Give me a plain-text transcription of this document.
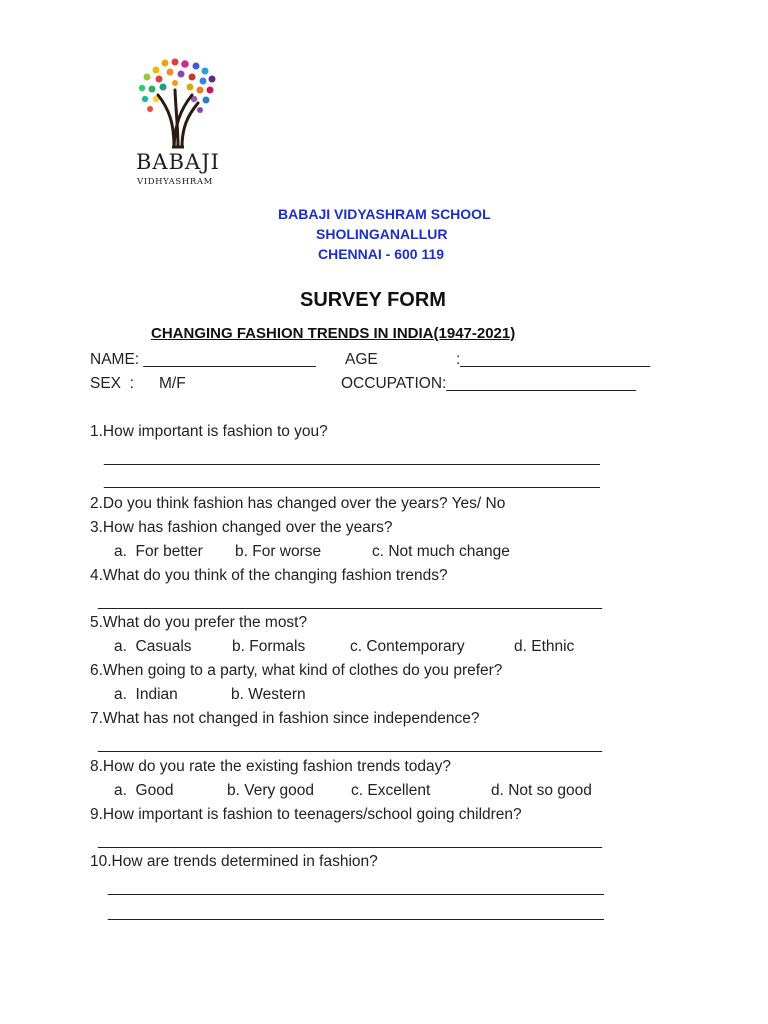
BABAJI
VIDHYASHRAM
BABAJI VIDYASHRAM SCHOOL
SHOLINGANALLUR
CHENNAI - 600 119
SURVEY FORM
CHANGING FASHION TRENDS IN INDIA(1947-2021)
NAME: ____________________ AGE	:______________________
SEX  : M/F	OCCUPATION:______________________
1.How important is fashion to you?
_____________________________________________________________
_____________________________________________________________
2.Do you think fashion has changed over the years? Yes/ No
3.How has fashion changed over the years?
a.  For better b. For worse	c. Not much change
4.What do you think of the changing fashion trends?
______________________________________________________________
5.What do you prefer the most?
a.  Casuals	b. Formals	c. Contemporary	d. Ethnic
6.When going to a party, what kind of clothes do you prefer?
a.  Indian	b. Western
7.What has not changed in fashion since independence?
______________________________________________________________
8.How do you rate the existing fashion trends today?
a.  Good	b. Very good c. Excellent	d. Not so good
9.How important is fashion to teenagers/school going children?
______________________________________________________________
10.How are trends determined in fashion?
_____________________________________________________________
_____________________________________________________________
